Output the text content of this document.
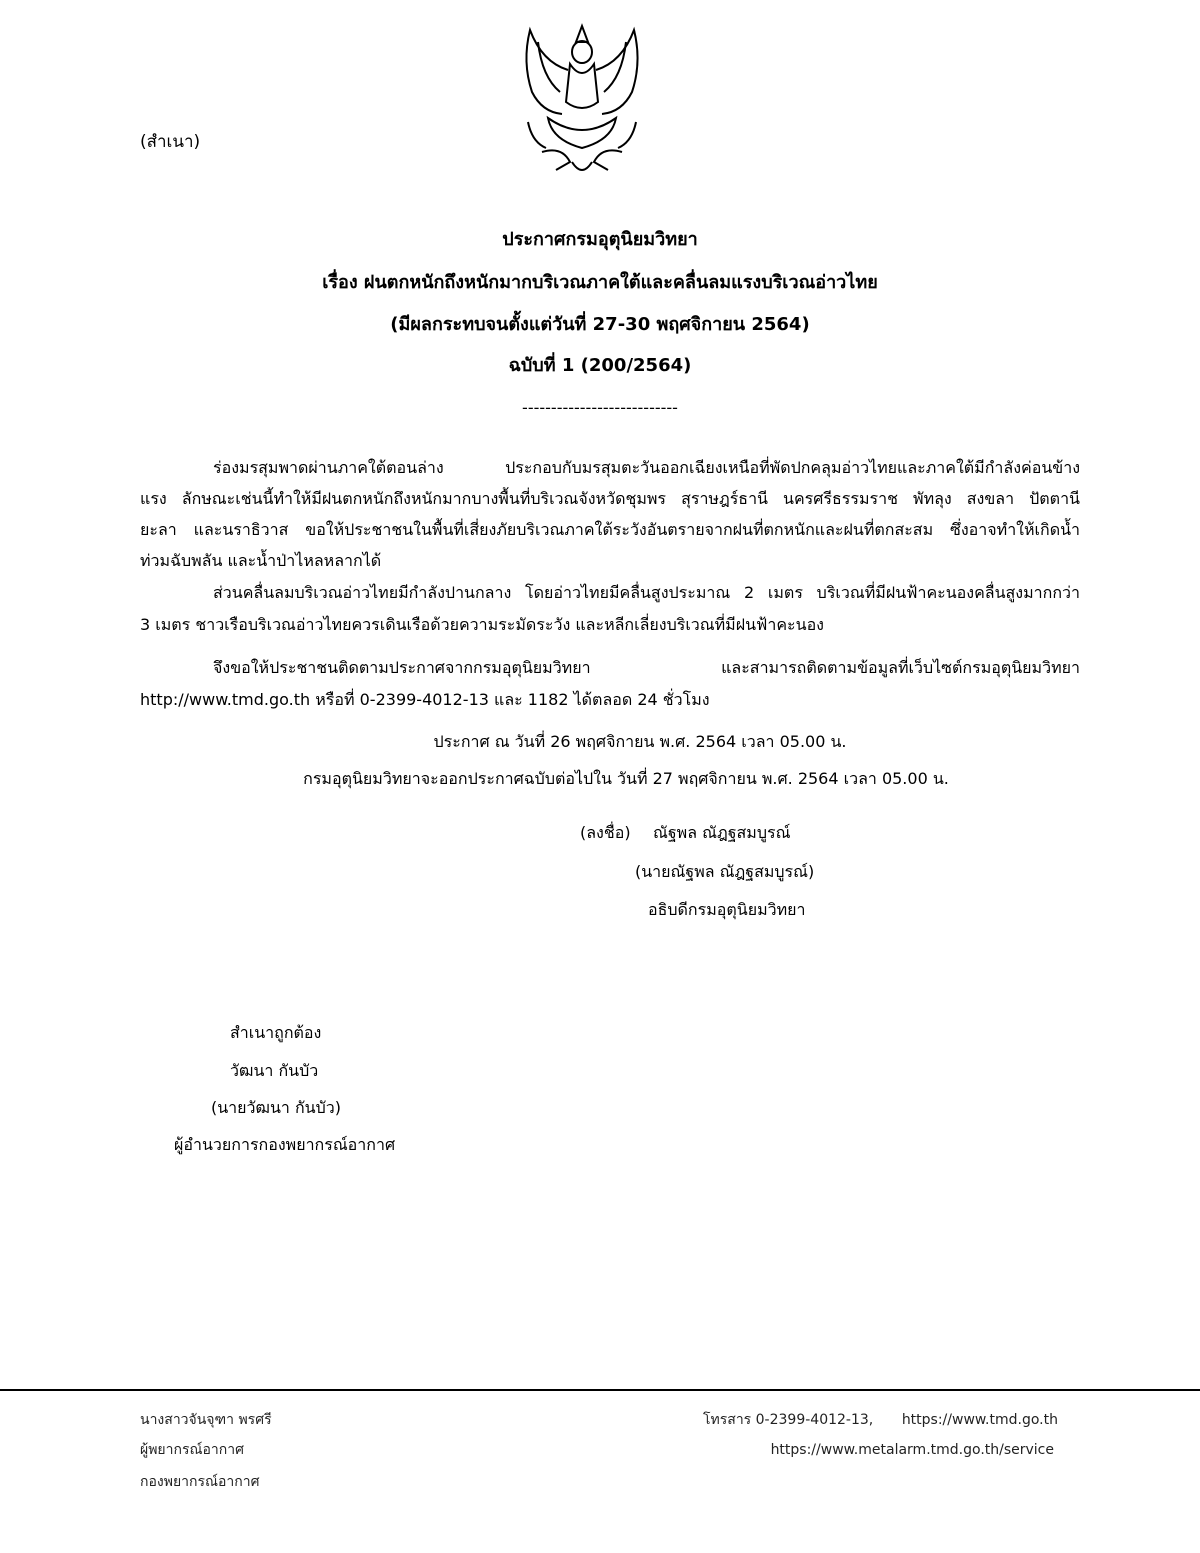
(สำเนา)
ประกาศกรมอุตุนิยมวิทยา
เรื่อง ฝนตกหนักถึงหนักมากบริเวณภาคใต้และคลื่นลมแรงบริเวณอ่าวไทย
(มีผลกระทบจนตั้งแต่วันที่ 27-30 พฤศจิกายน 2564)
ฉบับที่ 1 (200/2564)
---------------------------
ร่องมรสุมพาดผ่านภาคใต้ตอนล่าง ประกอบกับมรสุมตะวันออกเฉียงเหนือที่พัดปกคลุมอ่าวไทยและภาคใต้มีกำลังค่อนข้าง
แรง ลักษณะเช่นนี้ทำให้มีฝนตกหนักถึงหนักมากบางพื้นที่บริเวณจังหวัดชุมพร สุราษฎร์ธานี นครศรีธรรมราช พัทลุง สงขลา ปัตตานี
ยะลา และนราธิวาส ขอให้ประชาชนในพื้นที่เสี่ยงภัยบริเวณภาคใต้ระวังอันตรายจากฝนที่ตกหนักและฝนที่ตกสะสม ซึ่งอาจทำให้เกิดน้ำ
ท่วมฉับพลัน และน้ำป่าไหลหลากได้
ส่วนคลื่นลมบริเวณอ่าวไทยมีกำลังปานกลาง โดยอ่าวไทยมีคลื่นสูงประมาณ 2 เมตร บริเวณที่มีฝนฟ้าคะนองคลื่นสูงมากกว่า
3 เมตร ชาวเรือบริเวณอ่าวไทยควรเดินเรือด้วยความระมัดระวัง และหลีกเลี่ยงบริเวณที่มีฝนฟ้าคะนอง
จึงขอให้ประชาชนติดตามประกาศจากกรมอุตุนิยมวิทยา และสามารถติดตามข้อมูลที่เว็บไซต์กรมอุตุนิยมวิทยา
http://www.tmd.go.th หรือที่ 0-2399-4012-13 และ 1182 ได้ตลอด 24 ชั่วโมง
ประกาศ ณ วันที่ 26 พฤศจิกายน พ.ศ. 2564 เวลา 05.00 น.
กรมอุตุนิยมวิทยาจะออกประกาศฉบับต่อไปใน วันที่ 27 พฤศจิกายน พ.ศ. 2564 เวลา 05.00 น.
(ลงชื่อ) ณัฐพล ณัฎฐสมบูรณ์
(นายณัฐพล ณัฎฐสมบูรณ์)
อธิบดีกรมอุตุนิยมวิทยา
สำเนาถูกต้อง
วัฒนา กันบัว
(นายวัฒนา กันบัว)
ผู้อำนวยการกองพยากรณ์อากาศ
นางสาวจันจุฑา พรศรี
ผู้พยากรณ์อากาศ
กองพยากรณ์อากาศ
โทรสาร 0-2399-4012-13, https://www.tmd.go.th
https://www.metalarm.tmd.go.th/service
